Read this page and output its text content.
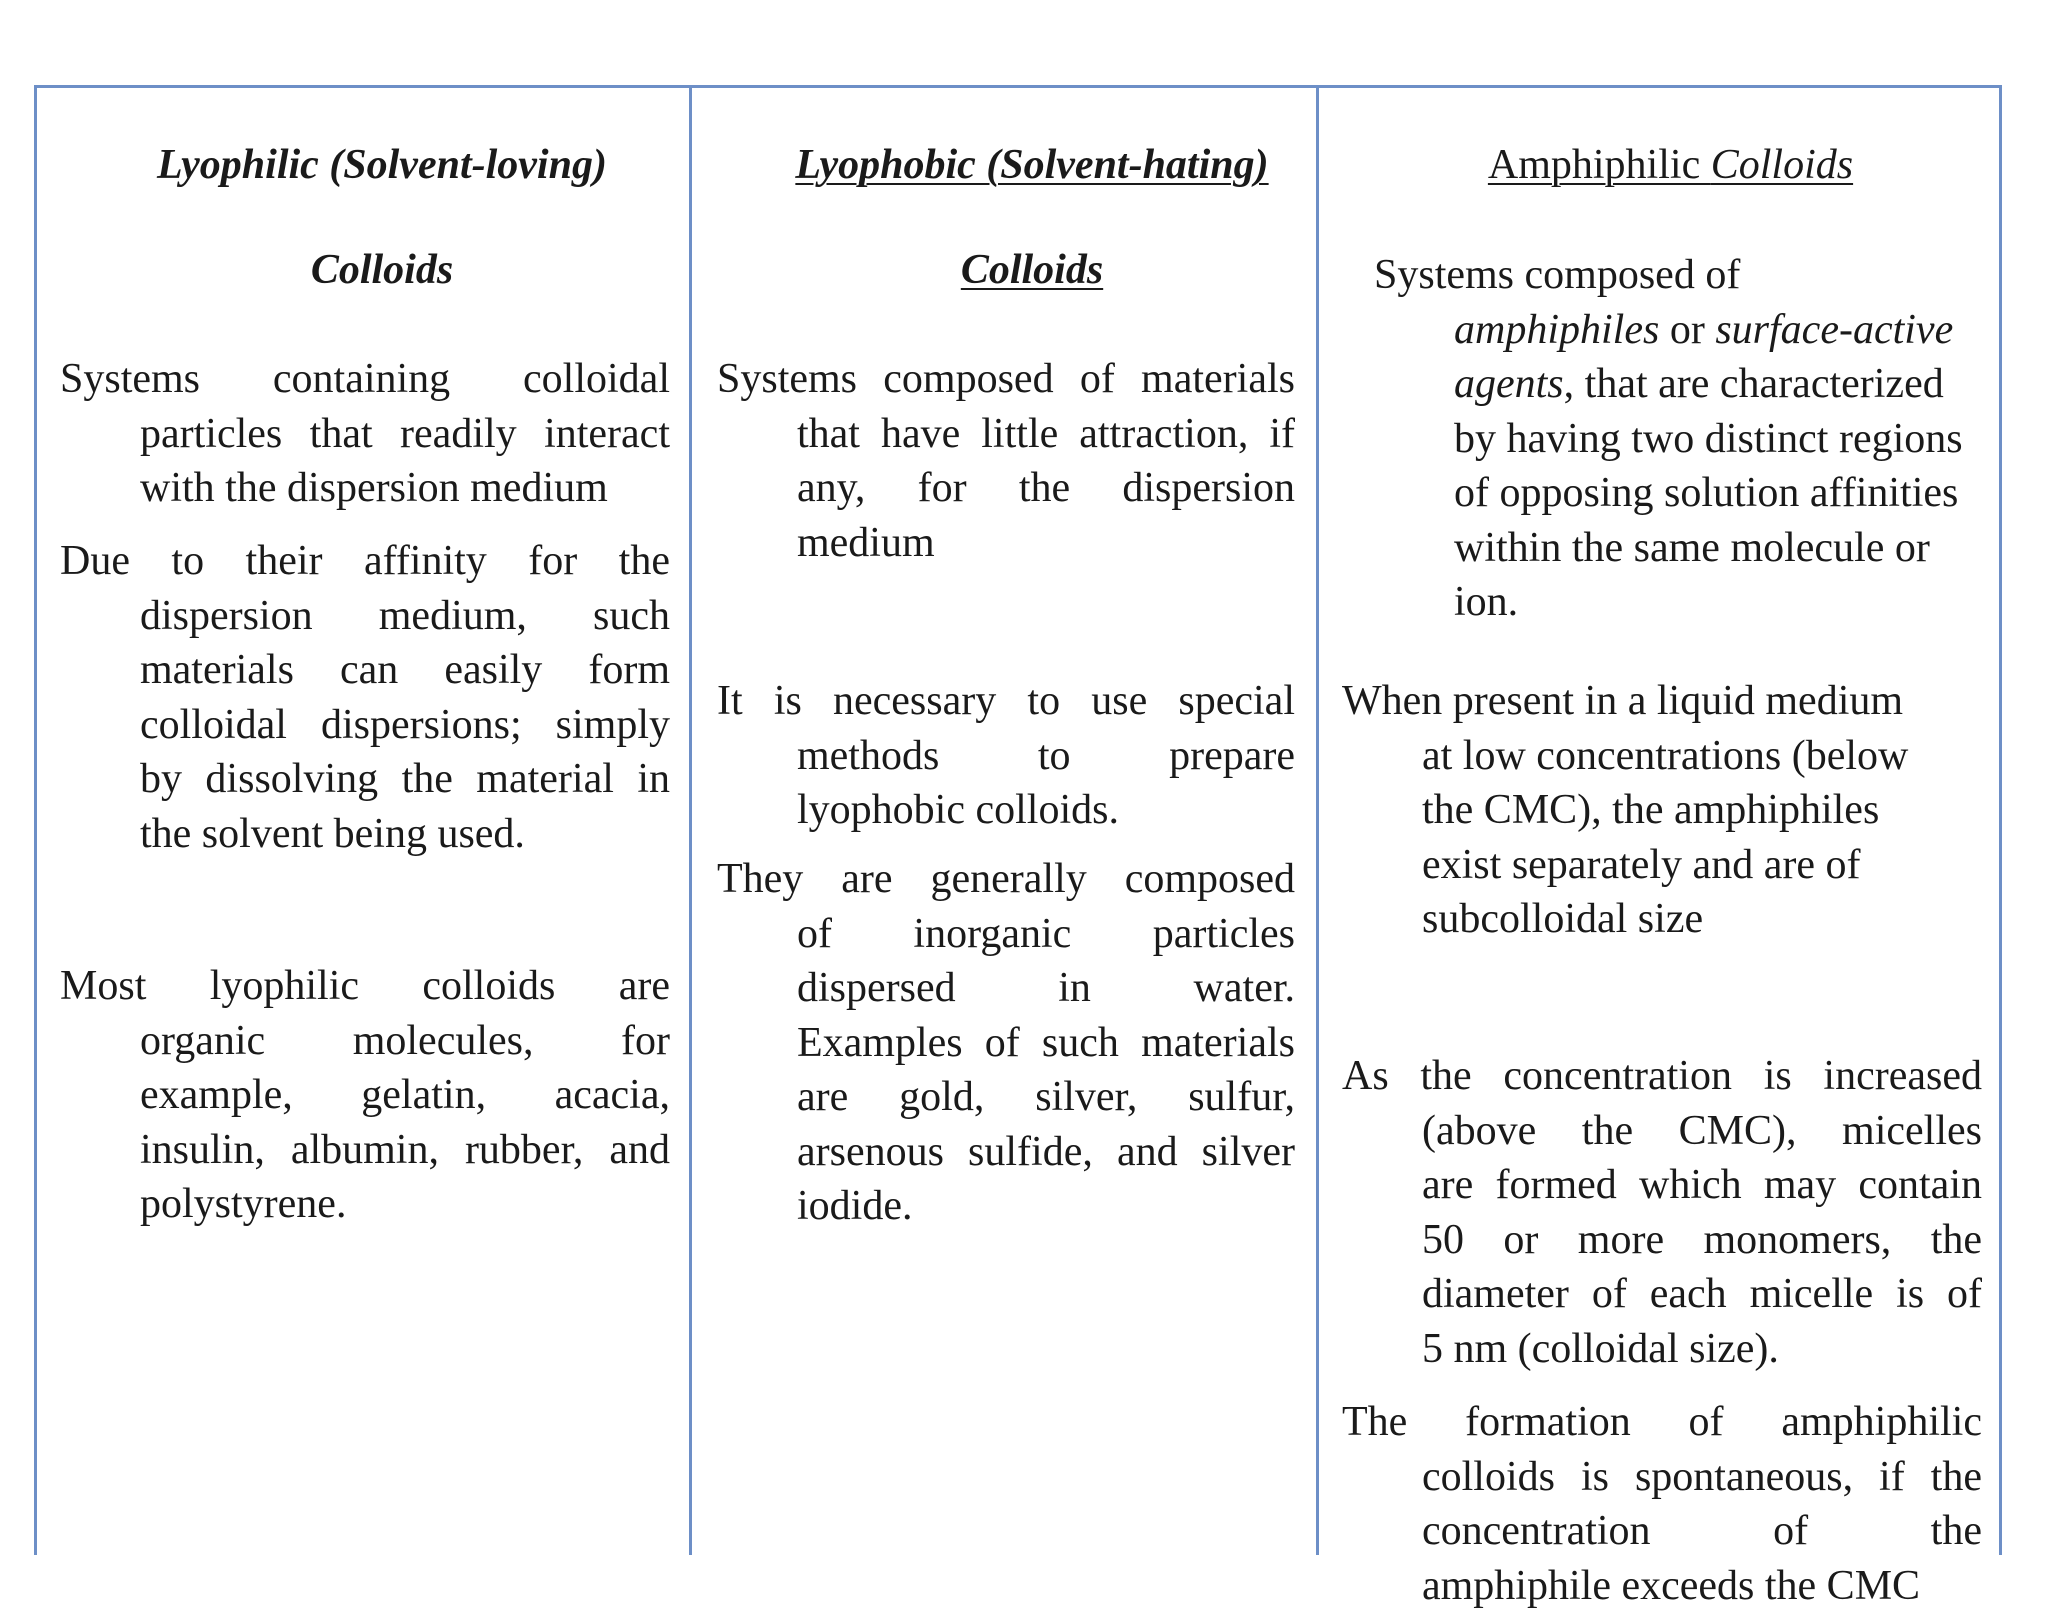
Lyophilic (Solvent-loving)
Colloids
Systems containing colloidal
particles that readily interact
with the dispersion medium
Due to their affinity for the
dispersion medium, such
materials can easily form
colloidal dispersions; simply
by dissolving the material in
the solvent being used.
Most lyophilic colloids are
organic molecules, for
example, gelatin, acacia,
insulin, albumin, rubber, and
polystyrene.
Lyophobic (Solvent-hating)
Colloids
Systems composed of materials
that have little attraction, if
any, for the dispersion
medium
It is necessary to use special
methods to prepare
lyophobic colloids.
They are generally composed
of inorganic particles
dispersed in water.
Examples of such materials
are gold, silver, sulfur,
arsenous sulfide, and silver
iodide.
Amphiphilic Colloids
Systems composed of
amphiphiles or surface-active
agents, that are characterized
by having two distinct regions
of opposing solution affinities
within the same molecule or
ion.
When present in a liquid medium
at low concentrations (below
the CMC), the amphiphiles
exist separately and are of
subcolloidal size
As the concentration is increased
(above the CMC), micelles
are formed which may contain
50 or more monomers, the
diameter of each micelle is of
5 nm (colloidal size).
The formation of amphiphilic
colloids is spontaneous, if the
concentration of the
amphiphile exceeds the CMC
